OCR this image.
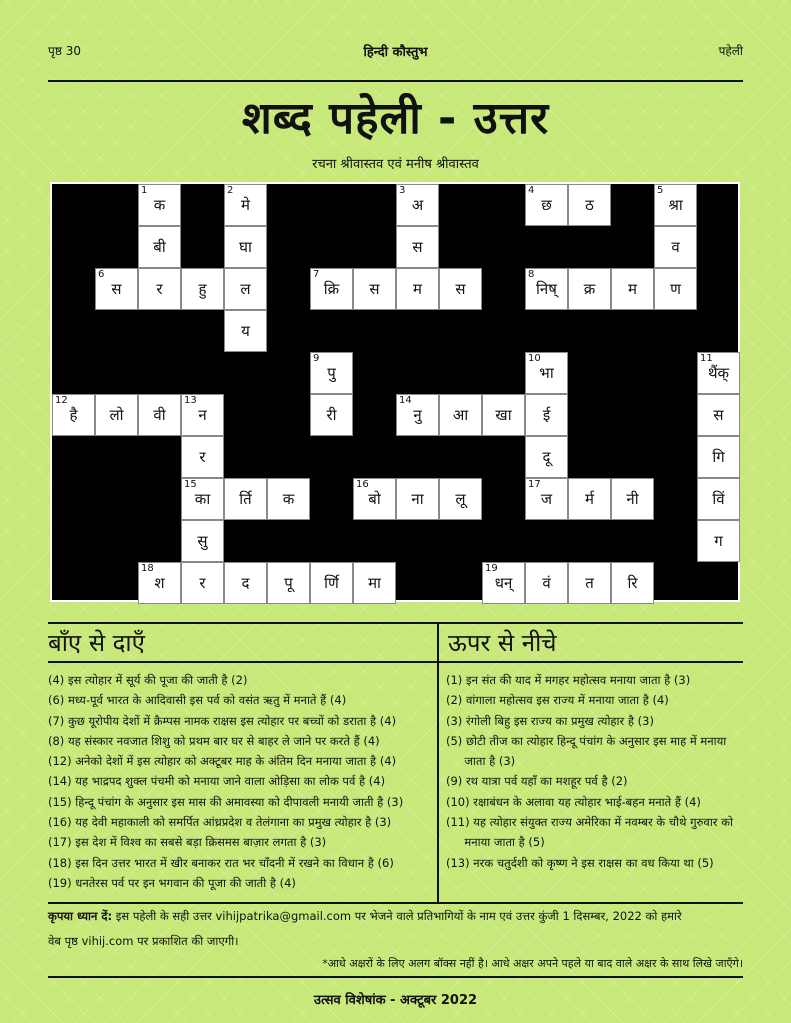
पृष्ठ 30	हिन्दी कौस्तुभ	पहेली
शब्द पहेली - उत्तर
रचना श्रीवास्तव एवं मनीष श्रीवास्तव
1
क
2
मे
3
अ
4
छ ठ
5
श्रा
बी	घा	स	व
6
स र हु ल
7
क्रि स म स
8
निष् क्र म ण
य
9
पु
10
भा
11
थैंक्
12
है लो वी
13
न	री
14
नु आ खा ई	स
र	दू	गि
15
का र्ति क
16
बो ना लू
17
ज र्म नी	विं
सु	ग
18
श र द पू र्णि मा
19
धन् वं त रि
बाँए से दाएँ	ऊपर से नीचे
(4) इस त्योहार में सूर्य की पूजा की जाती है (2)
(6) मध्य-पूर्व भारत के आदिवासी इस पर्व को वसंत ऋतु में मनाते हैं (4)
(7) कुछ यूरोपीय देशों में क्रैम्पस नामक राक्षस इस त्योहार पर बच्चों को डराता है (4)
(8) यह संस्कार नवजात शिशु को प्रथम बार घर से बाहर ले जाने पर करते हैं (4)
(12) अनेको देशों में इस त्योहार को अक्टूबर माह के अंतिम दिन मनाया जाता है (4)
(14) यह भाद्रपद शुक्ल पंचमी को मनाया जाने वाला ओड़िसा का लोक पर्व है (4)
(15) हिन्दू पंचांग के अनुसार इस मास की अमावस्या को दीपावली मनायी जाती है (3)
(16) यह देवी महाकाली को समर्पित आंध्रप्रदेश व तेलंगाना का प्रमुख त्योहार है (3)
(17) इस देश में विश्व का सबसे बड़ा क्रिसमस बाज़ार लगता है (3)
(18) इस दिन उत्तर भारत में खीर बनाकर रात भर चाँदनी में रखने का विधान है (6)
(19) धनतेरस पर्व पर इन भगवान की पूजा की जाती है (4)
(1) इन संत की याद में मगहर महोत्सव मनाया जाता है (3)
(2) वांगाला महोत्सव इस राज्य में मनाया जाता है (4)
(3) रंगोली बिहु इस राज्य का प्रमुख त्योहार है (3)
(5) छोटी तीज का त्योहार हिन्दू पंचांग के अनुसार इस माह में मनाया जाता है (3)
(9) रथ यात्रा पर्व यहाँ का मशहूर पर्व है (2)
(10) रक्षाबंधन के अलावा यह त्योहार भाई-बहन मनाते हैं (4)
(11) यह त्योहार संयुक्त राज्य अमेरिका में नवम्बर के चौथे गुरुवार को मनाया जाता है (5)
(13) नरक चतुर्दशी को कृष्ण ने इस राक्षस का वध किया था (5)
कृपया ध्यान दें: इस पहेली के सही उत्तर vihijpatrika@gmail.com पर भेजने वाले प्रतिभागियों के नाम एवं उत्तर कुंजी 1 दिसम्बर, 2022 को हमारे
वेब पृष्ठ vihij.com पर प्रकाशित की जाएगी।
*आधे अक्षरों के लिए अलग बॉक्स नहीं है। आधे अक्षर अपने पहले या बाद वाले अक्षर के साथ लिखे जाएँगे।
उत्सव विशेषांक - अक्टूबर 2022
